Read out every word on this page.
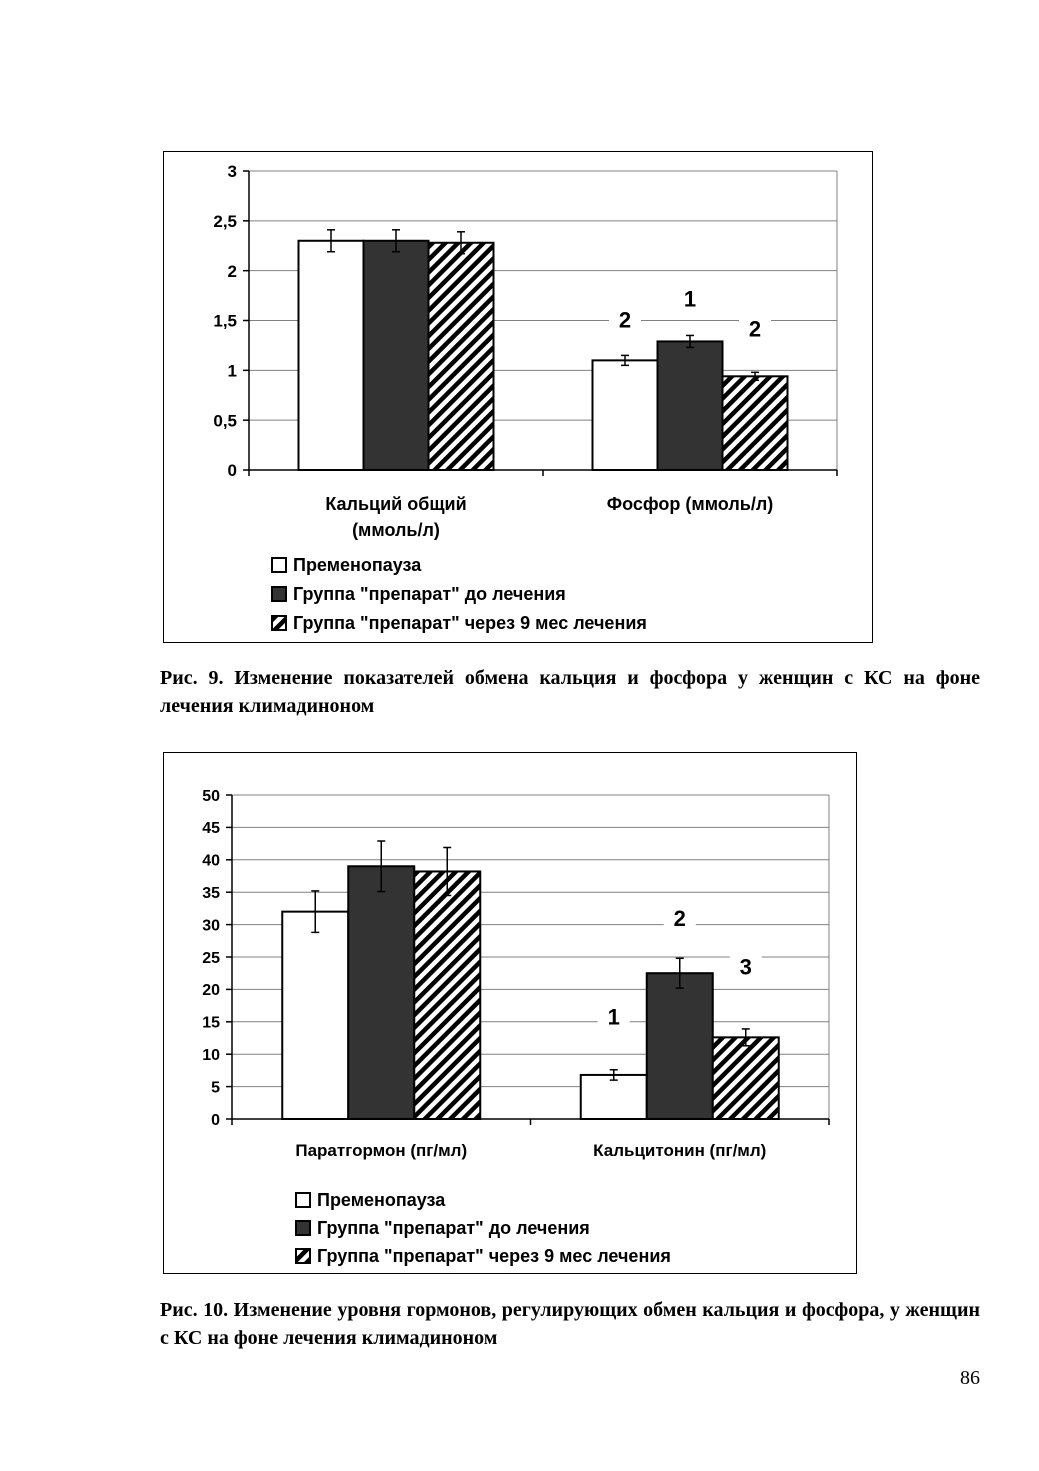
0
0,5
1
1,5
2
2,5
3
2
1
2
Кальций общий
(ммоль/л)
Фосфор (ммоль/л)
Пременопауза
Группа "препарат" до лечения
Группа "препарат" через 9 мес лечения

Рис. 9. Изменение показателей обмена кальция и фосфора у женщин с КС на фоне лечения климадиноном

0
5
10
15
20
25
30
35
40
45
50
1
2
3
Паратгормон (пг/мл)	Кальцитонин (пг/мл)
Пременопауза
Группа "препарат" до лечения
Группа "препарат" через 9 мес лечения

Рис. 10. Изменение уровня гормонов, регулирующих обмен кальция и фосфора, у женщин с КС на фоне лечения климадиноном

86
